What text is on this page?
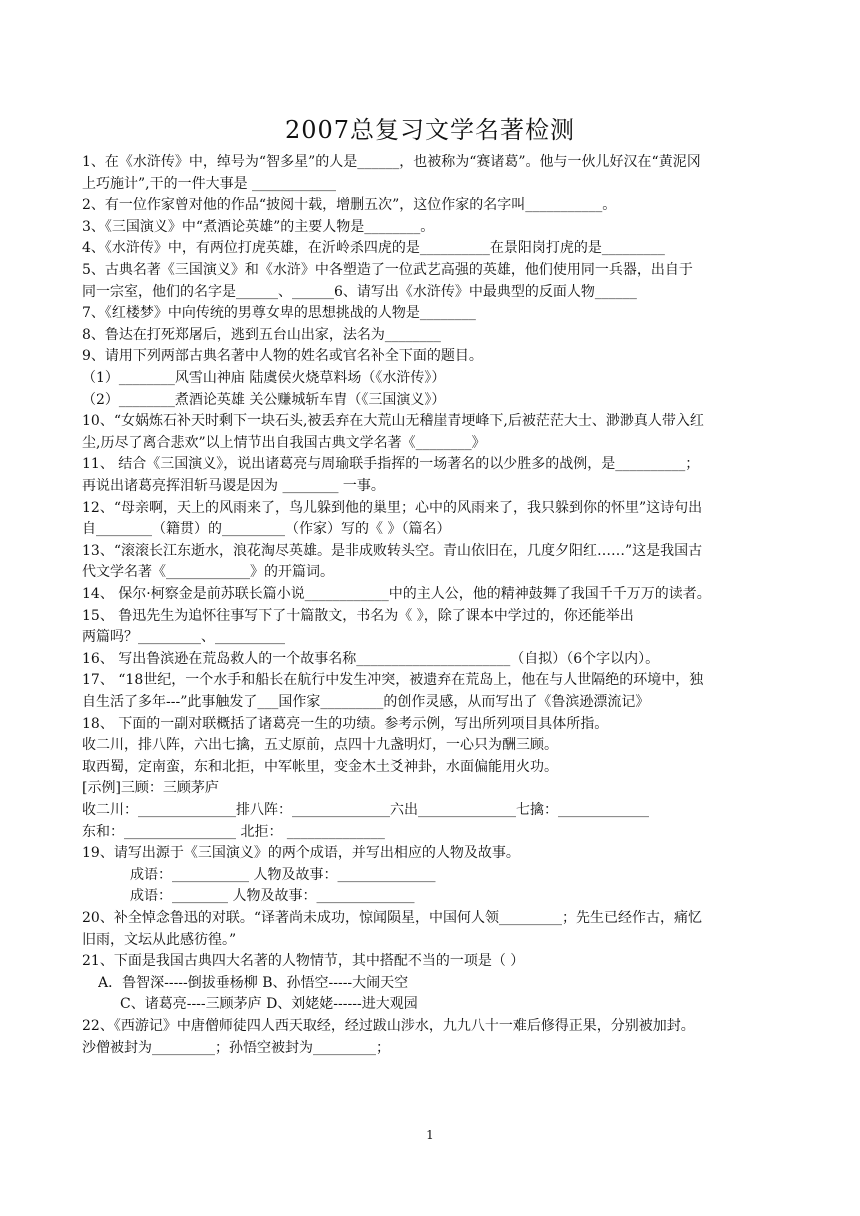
2007总复习文学名著检测
1、在《水浒传》中，绰号为“智多星”的人是______，也被称为“赛诸葛”。他与一伙儿好汉在“黄泥冈
上巧施计”,干的一件大事是 ____________
2、有一位作家曾对他的作品“披阅十载，增删五次”，这位作家的名字叫___________。
3、《三国演义》中“煮酒论英雄”的主要人物是________。
4、《水浒传》中，有两位打虎英雄，在沂岭杀四虎的是__________在景阳岗打虎的是_________
5、古典名著《三国演义》和《水浒》中各塑造了一位武艺高强的英雄，他们使用同一兵器，出自于
同一宗室，他们的名字是______、______6、请写出《水浒传》中最典型的反面人物______
7、《红楼梦》中向传统的男尊女卑的思想挑战的人物是________
8、鲁达在打死郑屠后，逃到五台山出家，法名为________
9、请用下列两部古典名著中人物的姓名或官名补全下面的题目。
（1）________风雪山神庙 陆虞侯火烧草料场（《水浒传》）
（2）________煮酒论英雄 关公赚城斩车胄（《三国演义》）
10、“女娲炼石补天时剩下一块石头,被丢弃在大荒山无稽崖青埂峰下,后被茫茫大士、渺渺真人带入红
尘,历尽了离合悲欢”以上情节出自我国古典文学名著《________》
11、 结合《三国演义》，说出诸葛亮与周瑜联手指挥的一场著名的以少胜多的战例，是__________；
再说出诸葛亮挥泪斩马谡是因为 ________ 一事。
12、“母亲啊，天上的风雨来了，鸟儿躲到他的巢里；心中的风雨来了，我只躲到你的怀里”这诗句出
自________（籍贯）的_________（作家）写的《 》（篇名）
13、“滚滚长江东逝水，浪花淘尽英雄。是非成败转头空。青山依旧在，几度夕阳红……”这是我国古
代文学名著《____________》的开篇词。
14、 保尔·柯察金是前苏联长篇小说____________中的主人公，他的精神鼓舞了我国千千万万的读者。
15、 鲁迅先生为追怀往事写下了十篇散文，书名为《 》，除了课本中学过的，你还能举出
两篇吗？_________、__________
16、 写出鲁滨逊在荒岛救人的一个故事名称______________________（自拟）（6个字以内）。
17、 “18世纪，一个水手和船长在航行中发生冲突，被遗弃在荒岛上，他在与人世隔绝的环境中，独
自生活了多年---”此事触发了___国作家_________的创作灵感，从而写出了《鲁滨逊漂流记》
18、 下面的一副对联概括了诸葛亮一生的功绩。参考示例，写出所列项目具体所指。
收二川，排八阵，六出七擒，五丈原前，点四十九盏明灯，一心只为酬三顾。
取西蜀，定南蛮，东和北拒，中军帐里，变金木土爻神卦，水面偏能用火功。
[示例]三顾：三顾茅庐
收二川：______________排八阵：______________六出______________七擒：_____________
东和：________________ 北拒： ______________
19、请写出源于《三国演义》的两个成语，并写出相应的人物及故事。
成语：___________ 人物及故事：______________
成语：________ 人物及故事：______________
20、补全悼念鲁迅的对联。“译著尚未成功，惊闻陨星，中国何人领_________；先生已经作古，痛忆
旧雨，文坛从此感彷徨。”
21、下面是我国古典四大名著的人物情节，其中搭配不当的一项是（ ）
A．鲁智深-----倒拔垂杨柳 B、孙悟空-----大闹天空
C、诸葛亮----三顾茅庐 D、刘姥姥------进大观园
22、《西游记》中唐僧师徒四人西天取经，经过跋山涉水，九九八十一难后修得正果，分别被加封。
沙僧被封为_________；孙悟空被封为_________；
1
